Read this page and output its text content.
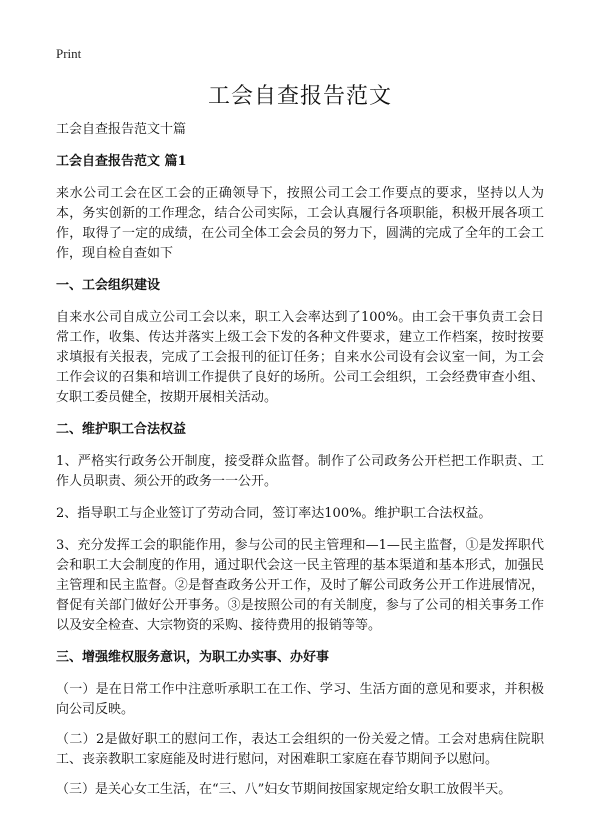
Print
工会自查报告范文

工会自查报告范文十篇

工会自查报告范文 篇1

来水公司工会在区工会的正确领导下，按照公司工会工作要点的要求，坚持以人为本，务实创新的工作理念，结合公司实际，工会认真履行各项职能，积极开展各项工作，取得了一定的成绩，在公司全体工会会员的努力下，圆满的完成了全年的工会工作，现自检自查如下

一、工会组织建设

自来水公司自成立公司工会以来，职工入会率达到了100%。由工会干事负责工会日常工作，收集、传达并落实上级工会下发的各种文件要求，建立工作档案，按时按要求填报有关报表，完成了工会报刊的征订任务；自来水公司设有会议室一间，为工会工作会议的召集和培训工作提供了良好的场所。公司工会组织，工会经费审查小组、女职工委员健全，按期开展相关活动。

二、维护职工合法权益

1、严格实行政务公开制度，接受群众监督。制作了公司政务公开栏把工作职责、工作人员职责、须公开的政务一一公开。

2、指导职工与企业签订了劳动合同，签订率达100%。维护职工合法权益。

3、充分发挥工会的职能作用，参与公司的民主管理和—1—民主监督，①是发挥职代会和职工大会制度的作用，通过职代会这一民主管理的基本渠道和基本形式，加强民主管理和民主监督。②是督查政务公开工作，及时了解公司政务公开工作进展情况，督促有关部门做好公开事务。③是按照公司的有关制度，参与了公司的相关事务工作以及安全检查、大宗物资的采购、接待费用的报销等等。

三、增强维权服务意识，为职工办实事、办好事

（一）是在日常工作中注意听承职工在工作、学习、生活方面的意见和要求，并积极向公司反映。

（二）2是做好职工的慰问工作，表达工会组织的一份关爱之情。工会对患病住院职工、丧亲教职工家庭能及时进行慰问，对困难职工家庭在春节期间予以慰问。

（三）是关心女工生活，在“三、八”妇女节期间按国家规定给女职工放假半天。
